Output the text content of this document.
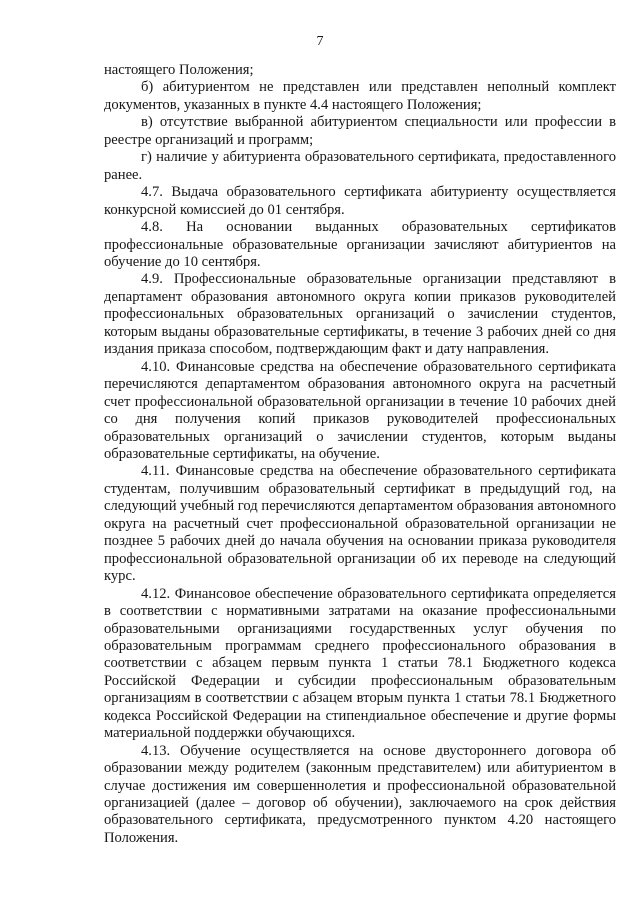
7

настоящего Положения;

б) абитуриентом не представлен или представлен неполный комплект документов, указанных в пункте 4.4 настоящего Положения;

в) отсутствие выбранной абитуриентом специальности или профессии в реестре организаций и программ;

г) наличие у абитуриента образовательного сертификата, предоставленного ранее.

4.7. Выдача образовательного сертификата абитуриенту осуществляется конкурсной комиссией до 01 сентября.

4.8. На основании выданных образовательных сертификатов профессиональные образовательные организации зачисляют абитуриентов на обучение до 10 сентября.

4.9. Профессиональные образовательные организации представляют в департамент образования автономного округа копии приказов руководителей профессиональных образовательных организаций о зачислении студентов, которым выданы образовательные сертификаты, в течение 3 рабочих дней со дня издания приказа способом, подтверждающим факт и дату направления.

4.10. Финансовые средства на обеспечение образовательного сертификата перечисляются департаментом образования автономного округа на расчетный счет профессиональной образовательной организации в течение 10 рабочих дней со дня получения копий приказов руководителей профессиональных образовательных организаций о зачислении студентов, которым выданы образовательные сертификаты, на обучение.

4.11. Финансовые средства на обеспечение образовательного сертификата студентам, получившим образовательный сертификат в предыдущий год, на следующий учебный год перечисляются департаментом образования автономного округа на расчетный счет профессиональной образовательной организации не позднее 5 рабочих дней до начала обучения на основании приказа руководителя профессиональной образовательной организации об их переводе на следующий курс.

4.12. Финансовое обеспечение образовательного сертификата определяется в соответствии с нормативными затратами на оказание профессиональными образовательными организациями государственных услуг обучения по образовательным программам среднего профессионального образования в соответствии с абзацем первым пункта 1 статьи 78.1 Бюджетного кодекса Российской Федерации и субсидии профессиональным образовательным организациям в соответствии с абзацем вторым пункта 1 статьи 78.1 Бюджетного кодекса Российской Федерации на стипендиальное обеспечение и другие формы материальной поддержки обучающихся.

4.13. Обучение осуществляется на основе двустороннего договора об образовании между родителем (законным представителем) или абитуриентом в случае достижения им совершеннолетия и профессиональной образовательной организацией (далее – договор об обучении), заключаемого на срок действия образовательного сертификата, предусмотренного пунктом 4.20 настоящего Положения.
